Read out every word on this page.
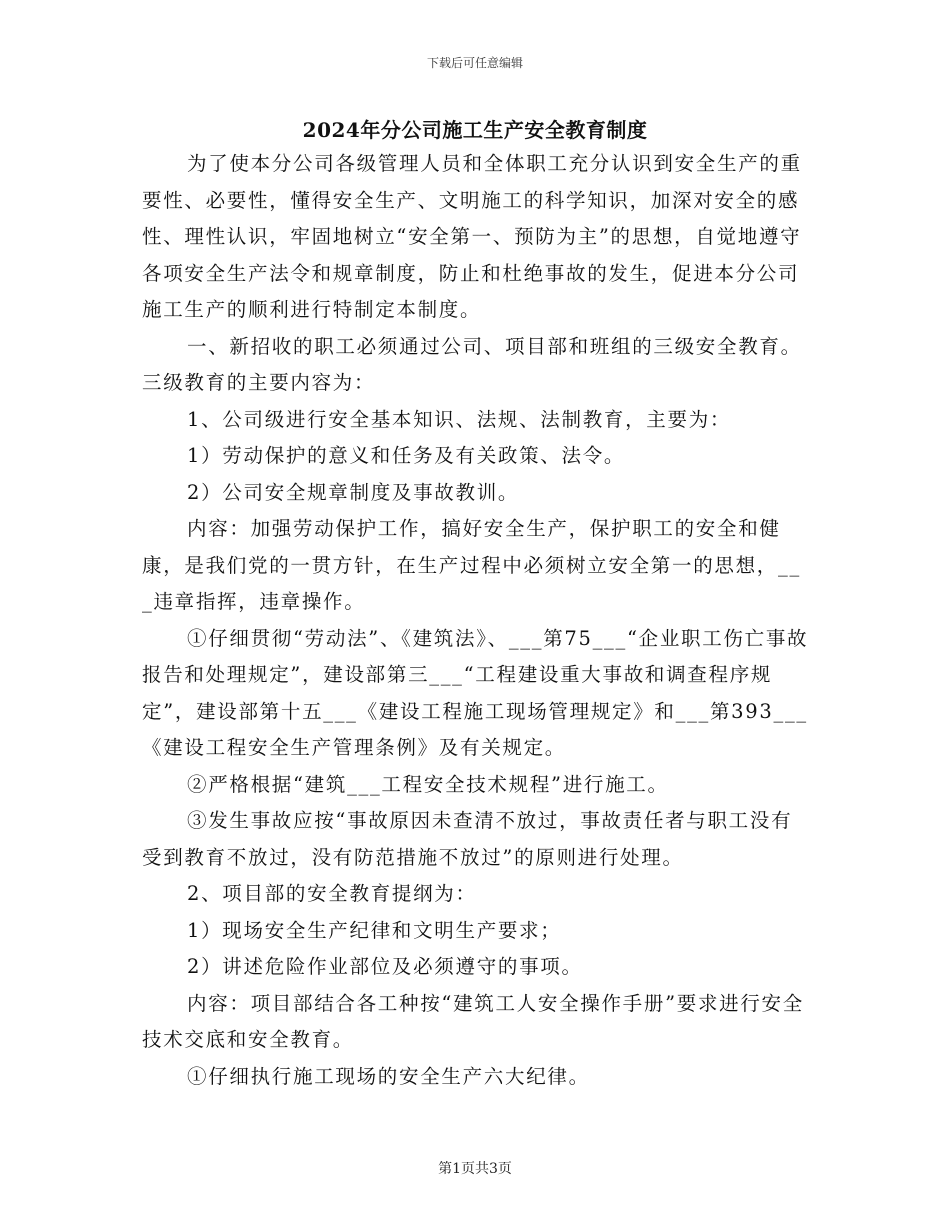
下载后可任意编辑
2024年分公司施工生产安全教育制度

为了使本分公司各级管理人员和全体职工充分认识到安全生产的重要性、必要性，懂得安全生产、文明施工的科学知识，加深对安全的感性、理性认识，牢固地树立“安全第一、预防为主”的思想，自觉地遵守各项安全生产法令和规章制度，防止和杜绝事故的发生，促进本分公司施工生产的顺利进行特制定本制度。

一、新招收的职工必须通过公司、项目部和班组的三级安全教育。三级教育的主要内容为：

1、公司级进行安全基本知识、法规、法制教育，主要为：

1）劳动保护的意义和任务及有关政策、法令。

2）公司安全规章制度及事故教训。

内容：加强劳动保护工作，搞好安全生产，保护职工的安全和健康，是我们党的一贯方针，在生产过程中必须树立安全第一的思想，___违章指挥，违章操作。

①仔细贯彻“劳动法”、《建筑法》、___第75___“企业职工伤亡事故报告和处理规定”，建设部第三___“工程建设重大事故和调查程序规定”，建设部第十五___《建设工程施工现场管理规定》和___第393___《建设工程安全生产管理条例》及有关规定。

②严格根据“建筑___工程安全技术规程”进行施工。

③发生事故应按“事故原因未查清不放过，事故责任者与职工没有受到教育不放过，没有防范措施不放过”的原则进行处理。

2、项目部的安全教育提纲为：

1）现场安全生产纪律和文明生产要求；

2）讲述危险作业部位及必须遵守的事项。

内容：项目部结合各工种按“建筑工人安全操作手册”要求进行安全技术交底和安全教育。

①仔细执行施工现场的安全生产六大纪律。

第1页共3页
